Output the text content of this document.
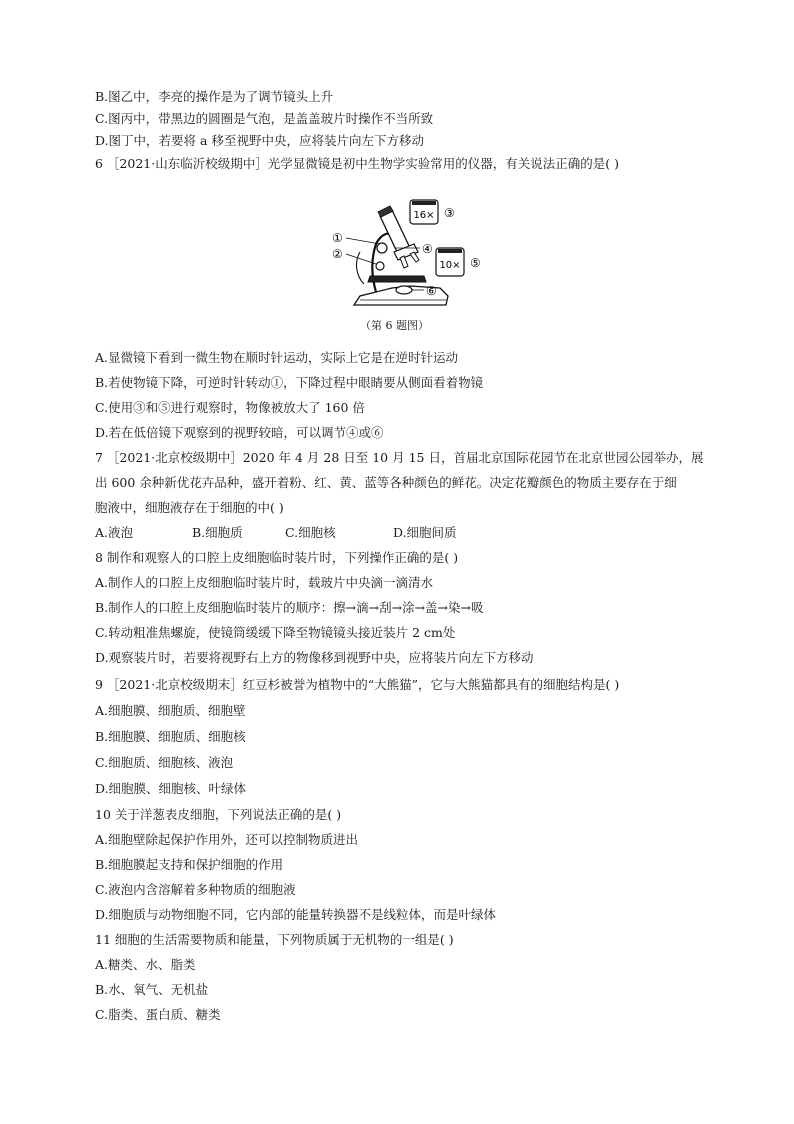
B.图乙中，李亮的操作是为了调节镜头上升
C.图丙中，带黑边的圆圈是气泡，是盖盖玻片时操作不当所致
D.图丁中，若要将 a 移至视野中央，应将装片向左下方移动
6 ［2021·山东临沂校级期中］光学显微镜是初中生物学实验常用的仪器，有关说法正确的是( )
16×
10×
①
②
③
④
⑤
⑥
（第 6 题图）
A.显微镜下看到一微生物在顺时针运动，实际上它是在逆时针运动
B.若使物镜下降，可逆时针转动①，下降过程中眼睛要从侧面看着物镜
C.使用③和⑤进行观察时，物像被放大了 160 倍
D.若在低倍镜下观察到的视野较暗，可以调节④或⑥
7 ［2021·北京校级期中］2020 年 4 月 28 日至 10 月 15 日，首届北京国际花园节在北京世园公园举办，展
出 600 余种新优花卉品种，盛开着粉、红、黄、蓝等各种颜色的鲜花。决定花瓣颜色的物质主要存在于细
胞液中，细胞液存在于细胞的中( )
A.液泡	B.细胞质	C.细胞核	D.细胞间质
8 制作和观察人的口腔上皮细胞临时装片时，下列操作正确的是( )
A.制作人的口腔上皮细胞临时装片时，载玻片中央滴一滴清水
B.制作人的口腔上皮细胞临时装片的顺序：擦→滴→刮→涂→盖→染→吸
C.转动粗准焦螺旋，使镜筒缓缓下降至物镜镜头接近装片 2 cm处
D.观察装片时，若要将视野右上方的物像移到视野中央，应将装片向左下方移动
9 ［2021·北京校级期末］红豆杉被誉为植物中的“大熊猫”，它与大熊猫都具有的细胞结构是( )
A.细胞膜、细胞质、细胞壁
B.细胞膜、细胞质、细胞核
C.细胞质、细胞核、液泡
D.细胞膜、细胞核、叶绿体
10 关于洋葱表皮细胞，下列说法正确的是( )
A.细胞壁除起保护作用外，还可以控制物质进出
B.细胞膜起支持和保护细胞的作用
C.液泡内含溶解着多种物质的细胞液
D.细胞质与动物细胞不同，它内部的能量转换器不是线粒体，而是叶绿体
11 细胞的生活需要物质和能量，下列物质属于无机物的一组是( )
A.糖类、水、脂类
B.水、氧气、无机盐
C.脂类、蛋白质、糖类
